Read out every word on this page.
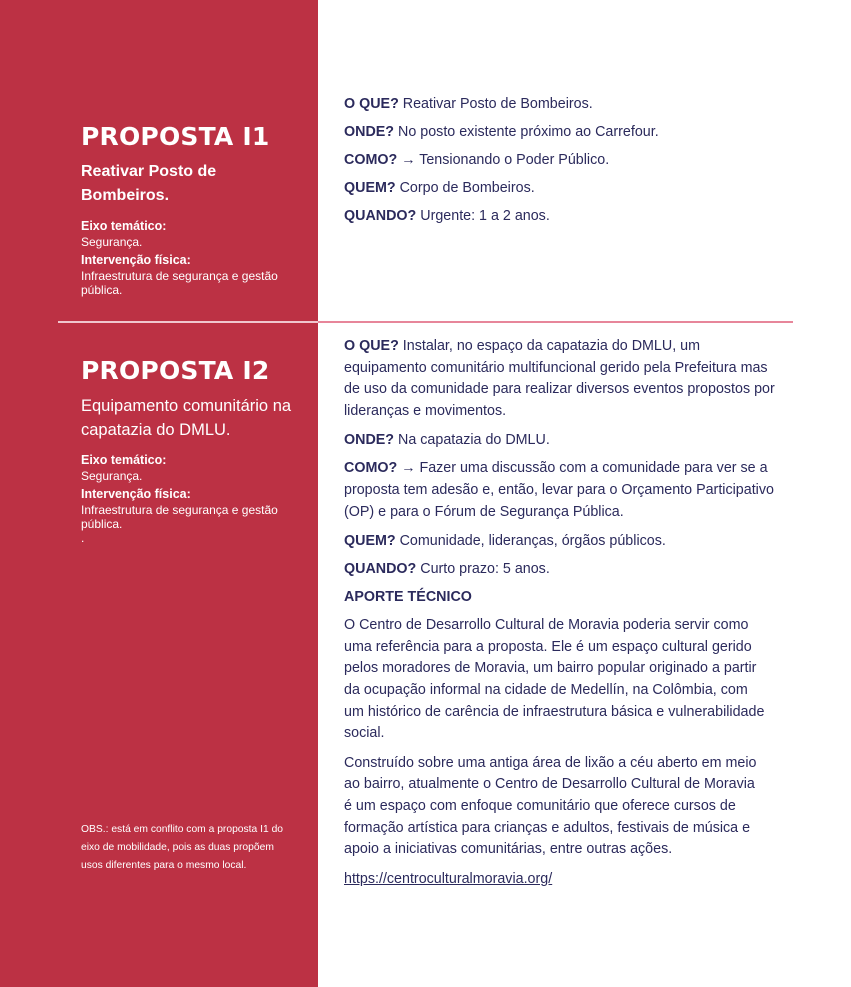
PROPOSTA I1
Reativar Posto de
Bombeiros.
Eixo temático:
Segurança.
Intervenção física:
Infraestrutura de segurança e gestão
pública.
O QUE? Reativar Posto de Bombeiros.
ONDE? No posto existente próximo ao Carrefour.
COMO? → Tensionando o Poder Público.
QUEM? Corpo de Bombeiros.
QUANDO? Urgente: 1 a 2 anos.
PROPOSTA I2
Equipamento comunitário na
capatazia do DMLU.
Eixo temático:
Segurança.
Intervenção física:
Infraestrutura de segurança e gestão
pública.
.
OBS.: está em conflito com a proposta I1 do
eixo de mobilidade, pois as duas propõem
usos diferentes para o mesmo local.
O QUE? Instalar, no espaço da capatazia do DMLU, um
equipamento comunitário multifuncional gerido pela Prefeitura mas
de uso da comunidade para realizar diversos eventos propostos por
lideranças e movimentos.
ONDE? Na capatazia do DMLU.
COMO? → Fazer uma discussão com a comunidade para ver se a
proposta tem adesão e, então, levar para o Orçamento Participativo
(OP) e para o Fórum de Segurança Pública.
QUEM? Comunidade, lideranças, órgãos públicos.
QUANDO? Curto prazo: 5 anos.
APORTE TÉCNICO
O Centro de Desarrollo Cultural de Moravia poderia servir como
uma referência para a proposta. Ele é um espaço cultural gerido
pelos moradores de Moravia, um bairro popular originado a partir
da ocupação informal na cidade de Medellín, na Colômbia, com
um histórico de carência de infraestrutura básica e vulnerabilidade
social.
Construído sobre uma antiga área de lixão a céu aberto em meio
ao bairro, atualmente o Centro de Desarrollo Cultural de Moravia
é um espaço com enfoque comunitário que oferece cursos de
formação artística para crianças e adultos, festivais de música e
apoio a iniciativas comunitárias, entre outras ações.
https://centroculturalmoravia.org/
